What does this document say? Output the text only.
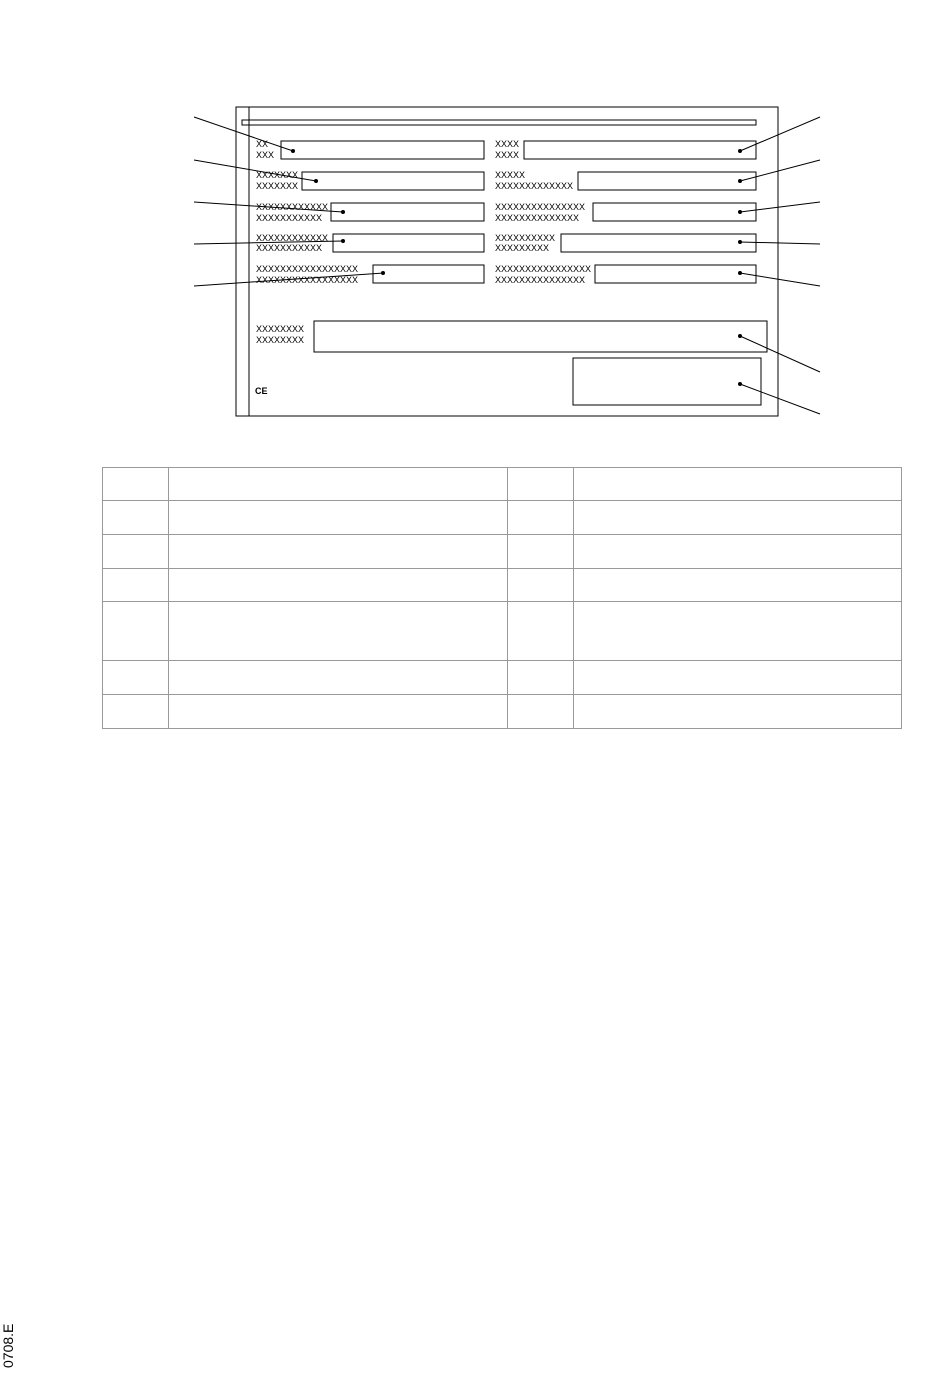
XX
XXX
XXXX
XXXX
XXXXXXX
XXXXXXX
XXXXX
XXXXXXXXXXXXX
XXXXXXXXXXXX
XXXXXXXXXXX
XXXXXXXXXXXXXXX
XXXXXXXXXXXXXX
XXXXXXXXXXXX
XXXXXXXXXXX
XXXXXXXXXX
XXXXXXXXX
XXXXXXXXXXXXXXXXX
XXXXXXXXXXXXXXXXX
XXXXXXXXXXXXXXXX
XXXXXXXXXXXXXXX
XXXXXXXX
XXXXXXXX
CE

0708.E
